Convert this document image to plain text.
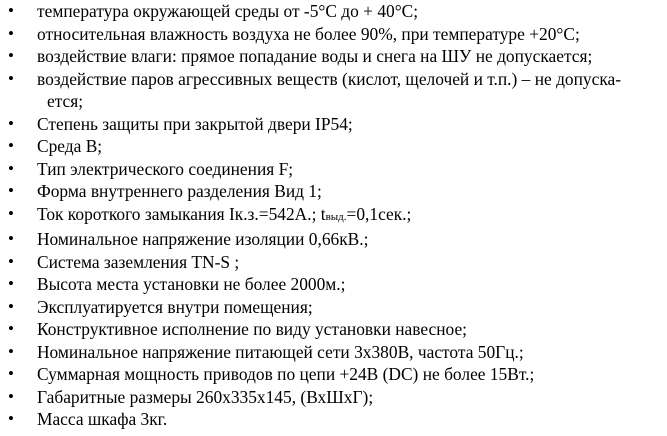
• температура окружающей среды от -5°С до + 40°С;
• относительная влажность воздуха не более 90%, при температуре +20°С;
• воздействие влаги: прямое попадание воды и снега на ШУ не допускается;
• воздействие паров агрессивных веществ (кислот, щелочей и т.п.) – не допуска-
ется;
• Степень защиты при закрытой двери IP54;
• Среда В;
• Тип электрического соединения F;
• Форма внутреннего разделения Вид 1;
• Ток короткого замыкания Iк.з.=542А.; tвыд.=0,1сек.;
• Номинальное напряжение изоляции 0,66кВ.;
• Система заземления TN-S ;
• Высота места установки не более 2000м.;
• Эксплуатируется внутри помещения;
• Конструктивное исполнение по виду установки навесное;
• Номинальное напряжение питающей сети 3х380В, частота 50Гц.;
• Суммарная мощность приводов по цепи +24В (DC) не более 15Вт.;
• Габаритные размеры 260х335х145, (ВхШхГ);
• Масса шкафа 3кг.
